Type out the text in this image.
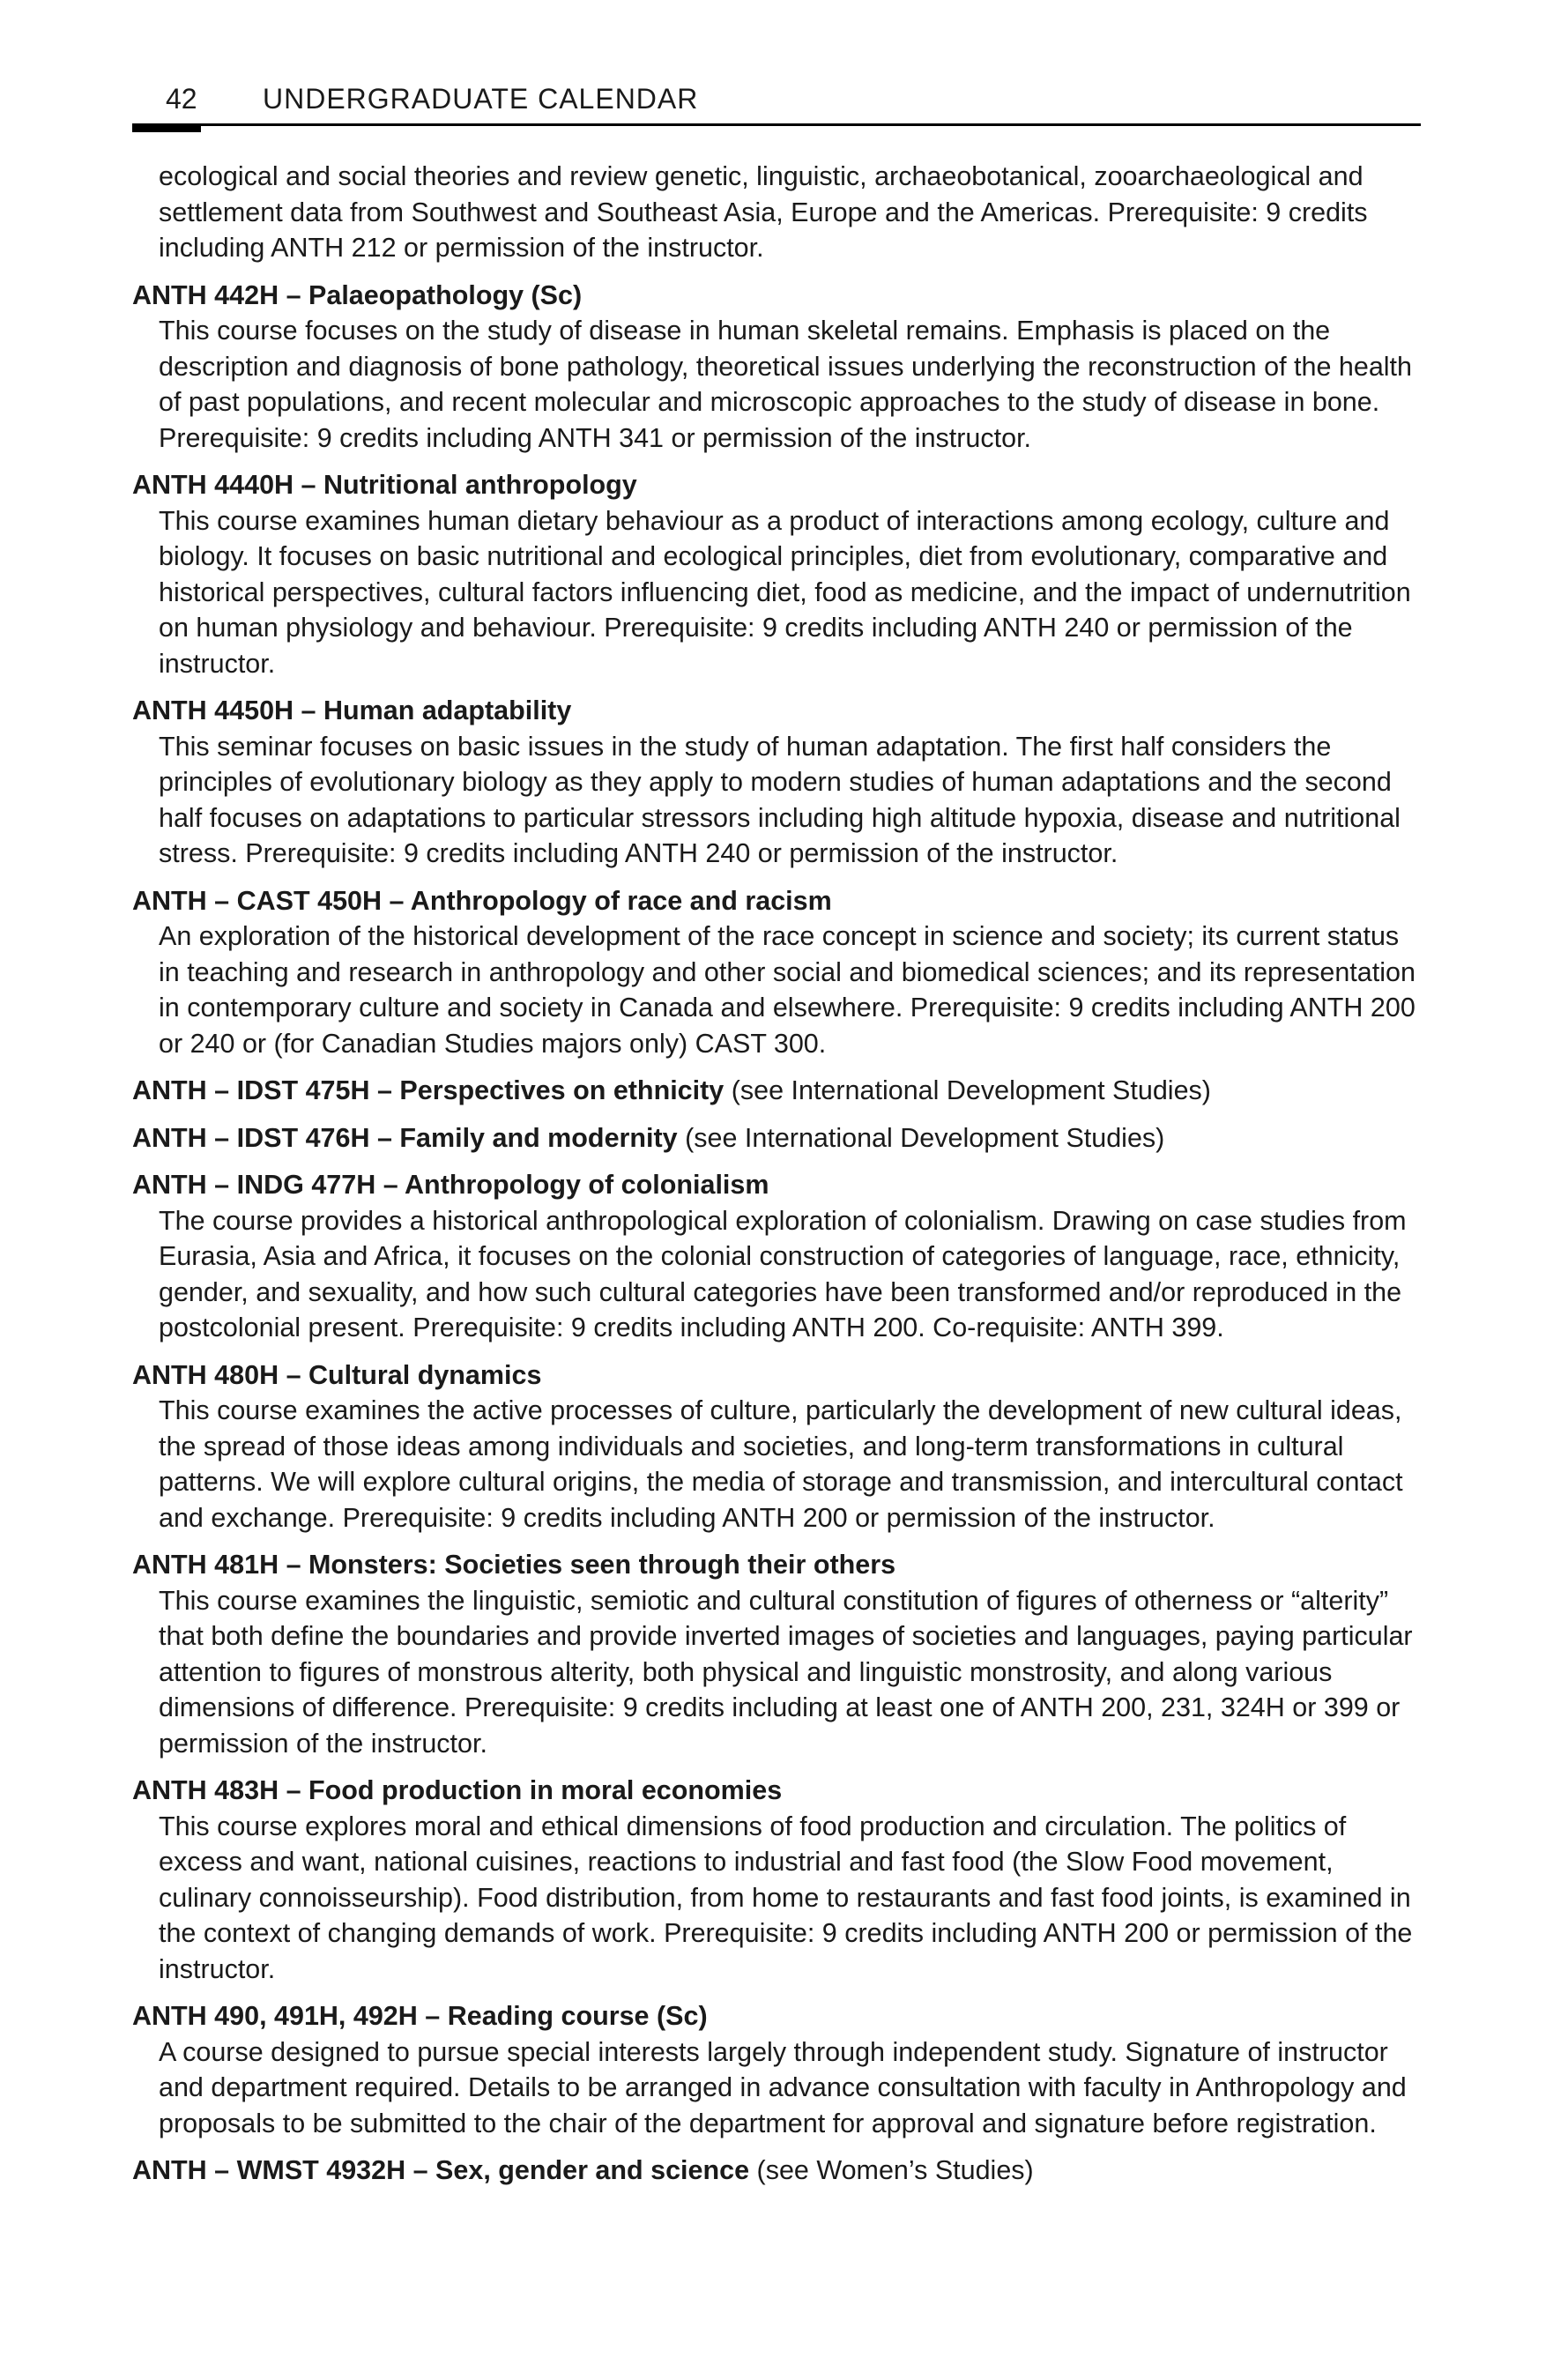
42 UNDERGRADUATE CALENDAR

ecological and social theories and review genetic, linguistic, archaeobotanical, zooarchaeological and settlement data from Southwest and Southeast Asia, Europe and the Americas. Prerequisite: 9 credits including ANTH 212 or permission of the instructor.

ANTH 442H – Palaeopathology (Sc)
This course focuses on the study of disease in human skeletal remains. Emphasis is placed on the description and diagnosis of bone pathology, theoretical issues underlying the reconstruction of the health of past populations, and recent molecular and microscopic approaches to the study of disease in bone. Prerequisite: 9 credits including ANTH 341 or permission of the instructor.
ANTH 4440H – Nutritional anthropology
This course examines human dietary behaviour as a product of interactions among ecology, culture and biology. It focuses on basic nutritional and ecological principles, diet from evolutionary, comparative and historical perspectives, cultural factors influencing diet, food as medicine, and the impact of undernutrition on human physiology and behaviour. Prerequisite: 9 credits including ANTH 240 or permission of the instructor.
ANTH 4450H – Human adaptability
This seminar focuses on basic issues in the study of human adaptation. The first half considers the principles of evolutionary biology as they apply to modern studies of human adaptations and the second half focuses on adaptations to particular stressors including high altitude hypoxia, disease and nutritional stress. Prerequisite: 9 credits including ANTH 240 or permission of the instructor.
ANTH – CAST 450H – Anthropology of race and racism
An exploration of the historical development of the race concept in science and society; its current status in teaching and research in anthropology and other social and biomedical sciences; and its representation in contemporary culture and society in Canada and elsewhere. Prerequisite: 9 credits including ANTH 200 or 240 or (for Canadian Studies majors only) CAST 300.
ANTH – IDST 475H – Perspectives on ethnicity (see International Development Studies)
ANTH – IDST 476H – Family and modernity (see International Development Studies)
ANTH – INDG 477H – Anthropology of colonialism
The course provides a historical anthropological exploration of colonialism. Drawing on case studies from Eurasia, Asia and Africa, it focuses on the colonial construction of categories of language, race, ethnicity, gender, and sexuality, and how such cultural categories have been transformed and/or reproduced in the postcolonial present. Prerequisite: 9 credits including ANTH 200. Co-requisite: ANTH 399.
ANTH 480H – Cultural dynamics
This course examines the active processes of culture, particularly the development of new cultural ideas, the spread of those ideas among individuals and societies, and long-term transformations in cultural patterns. We will explore cultural origins, the media of storage and transmission, and intercultural contact and exchange. Prerequisite: 9 credits including ANTH 200 or permission of the instructor.
ANTH 481H – Monsters: Societies seen through their others
This course examines the linguistic, semiotic and cultural constitution of figures of otherness or “alterity” that both define the boundaries and provide inverted images of societies and languages, paying particular attention to figures of monstrous alterity, both physical and linguistic monstrosity, and along various dimensions of difference. Prerequisite: 9 credits including at least one of ANTH 200, 231, 324H or 399 or permission of the instructor.
ANTH 483H – Food production in moral economies
This course explores moral and ethical dimensions of food production and circulation. The politics of excess and want, national cuisines, reactions to industrial and fast food (the Slow Food movement, culinary connoisseurship). Food distribution, from home to restaurants and fast food joints, is examined in the context of changing demands of work. Prerequisite: 9 credits including ANTH 200 or permission of the instructor.
ANTH 490, 491H, 492H – Reading course (Sc)
A course designed to pursue special interests largely through independent study. Signature of instructor and department required. Details to be arranged in advance consultation with faculty in Anthropology and proposals to be submitted to the chair of the department for approval and signature before registration.
ANTH – WMST 4932H – Sex, gender and science (see Women’s Studies)
